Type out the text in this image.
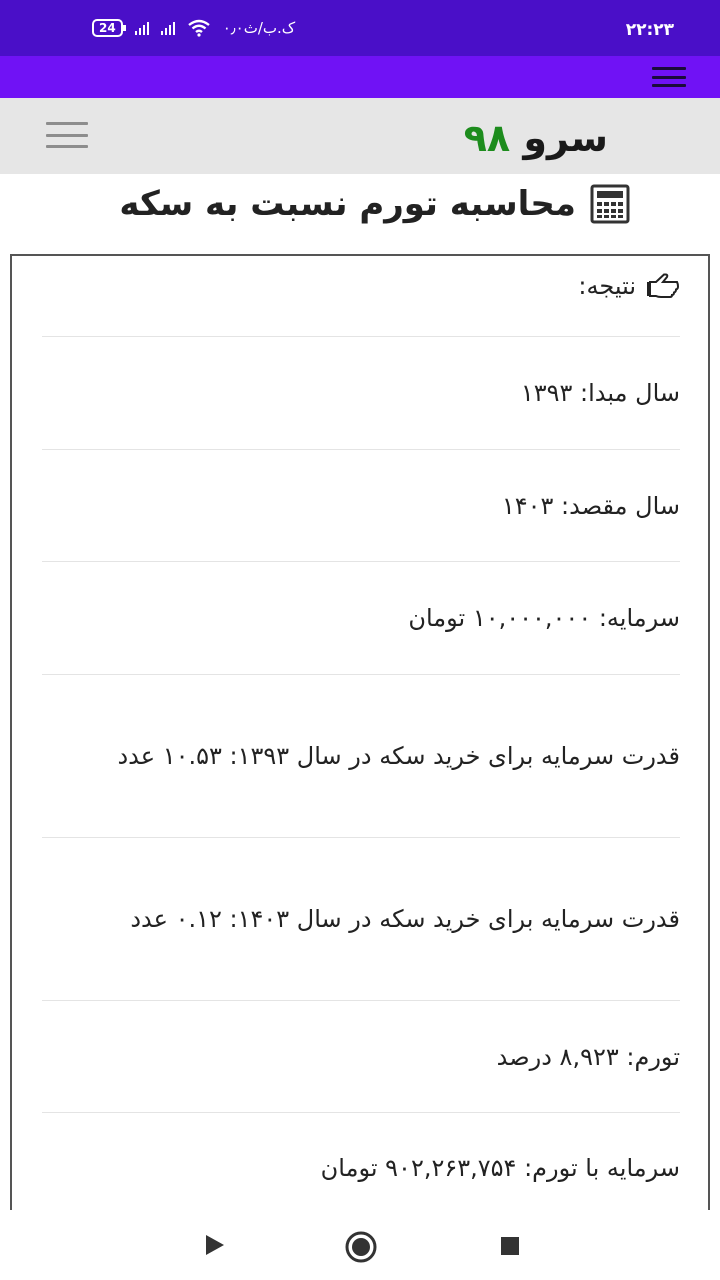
24	۰٫۰ک.ب/ث	۲۲:۲۳
سرو ۹۸
محاسبه تورم نسبت به سکه
نتیجه:
سال مبدا: ۱۳۹۳
سال مقصد: ۱۴۰۳
سرمایه: ۱۰,۰۰۰,۰۰۰ تومان
قدرت سرمایه برای خرید سکه در سال ۱۳۹۳: ۱۰.۵۳ عدد
قدرت سرمایه برای خرید سکه در سال ۱۴۰۳: ۰.۱۲ عدد
تورم: ۸,۹۲۳ درصد
سرمایه با تورم: ۹۰۲,۲۶۳,۷۵۴ تومان
